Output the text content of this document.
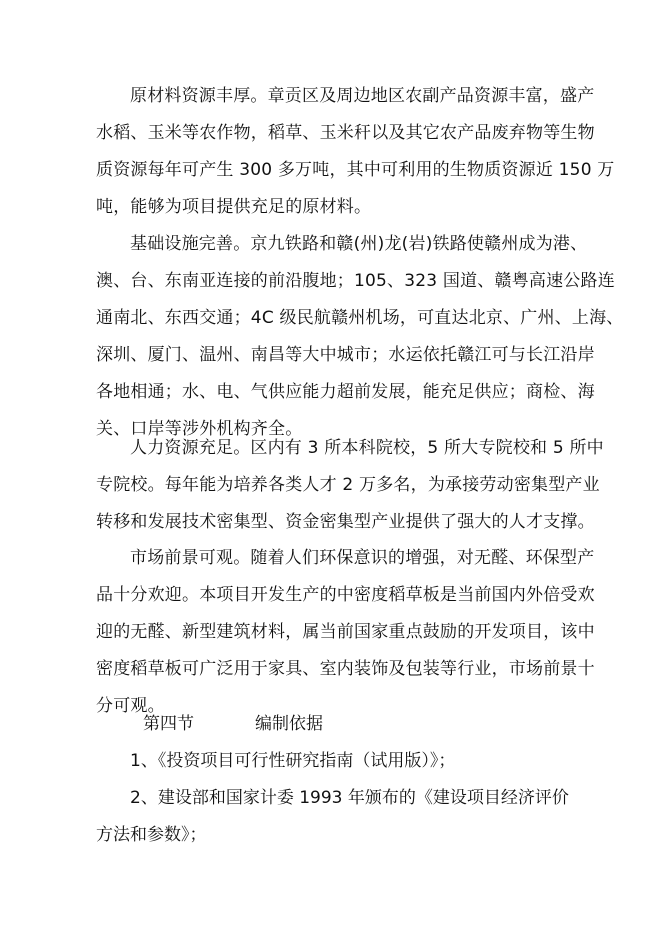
原材料资源丰厚。章贡区及周边地区农副产品资源丰富，盛产
水稻、玉米等农作物，稻草、玉米秆以及其它农产品废弃物等生物
质资源每年可产生 300 多万吨，其中可利用的生物质资源近 150 万
吨，能够为项目提供充足的原材料。
基础设施完善。京九铁路和赣(州)龙(岩)铁路使赣州成为港、
澳、台、东南亚连接的前沿腹地；105、323 国道、赣粤高速公路连
通南北、东西交通；4C 级民航赣州机场，可直达北京、广州、上海、
深圳、厦门、温州、南昌等大中城市；水运依托赣江可与长江沿岸
各地相通；水、电、气供应能力超前发展，能充足供应；商检、海
关、口岸等涉外机构齐全。
人力资源充足。区内有 3 所本科院校，5 所大专院校和 5 所中
专院校。每年能为培养各类人才 2 万多名，为承接劳动密集型产业
转移和发展技术密集型、资金密集型产业提供了强大的人才支撑。
市场前景可观。随着人们环保意识的增强，对无醛、环保型产
品十分欢迎。本项目开发生产的中密度稻草板是当前国内外倍受欢
迎的无醛、新型建筑材料，属当前国家重点鼓励的开发项目，该中
密度稻草板可广泛用于家具、室内装饰及包装等行业，市场前景十
分可观。
第四节	编制依据
1、《投资项目可行性研究指南（试用版）》；
2、建设部和国家计委 1993 年颁布的《建设项目经济评价
方法和参数》；
